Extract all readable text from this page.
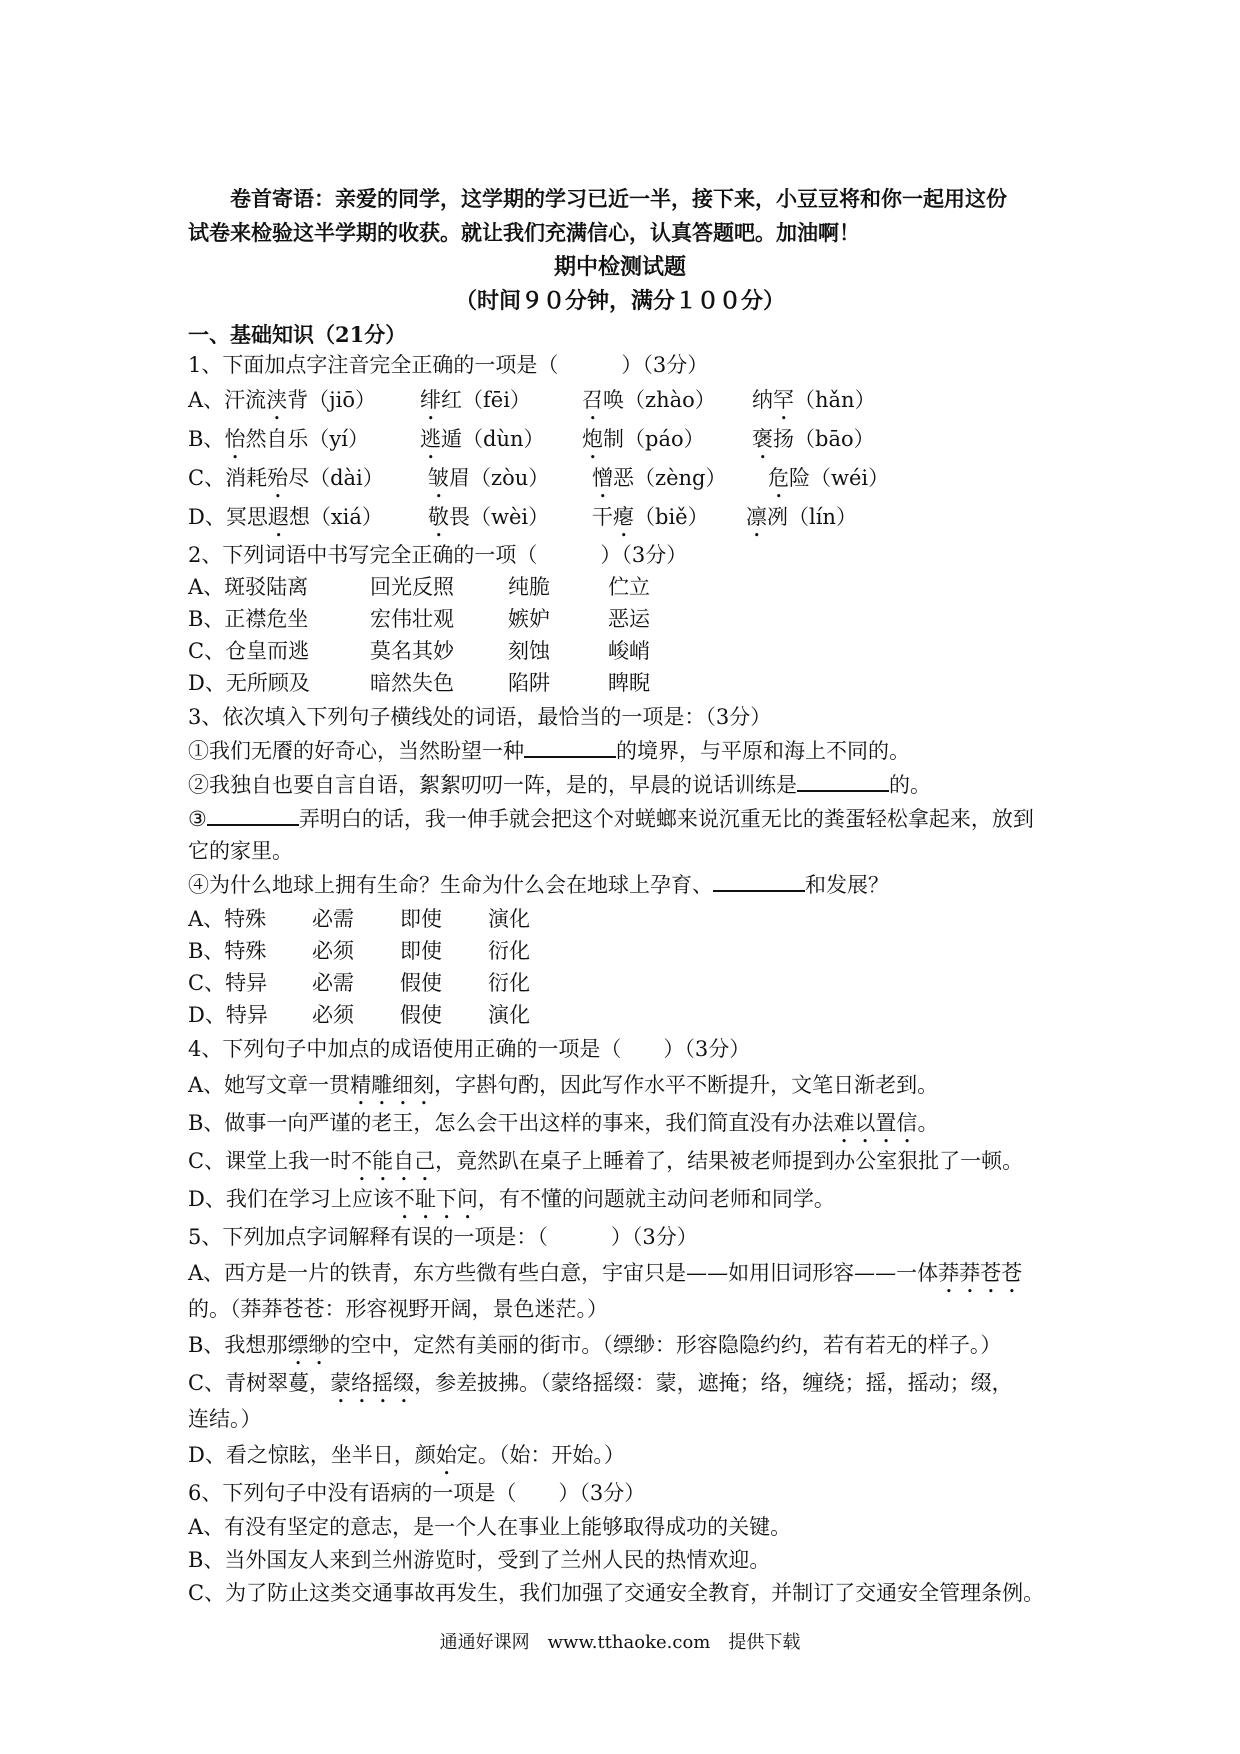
卷首寄语：亲爱的同学，这学期的学习已近一半，接下来，小豆豆将和你一起用这份
试卷来检验这半学期的收获。就让我们充满信心，认真答题吧。加油啊！
期中检测试题
（时间９０分钟，满分１００分）
一、基础知识（21分）
1、下面加点字注音完全正确的一项是（　　　）（3分）
A、汗流浃背（jiō） 绯红（fēi） 召唤（zhào） 纳罕（hǎn）
B、怡然自乐（yí） 逃遁（dùn） 炮制（páo） 褒扬（bāo）
C、消耗殆尽（dài） 皱眉（zòu） 憎恶（zèng） 危险（wéi）
D、冥思遐想（xiá） 敬畏（wèi） 干瘪（biě） 凛冽（lín）
2、下列词语中书写完全正确的一项（　　　）（3分）
A、斑驳陆离	回光反照	纯脆	伫立
B、正襟危坐	宏伟壮观	嫉妒	恶运
C、仓皇而逃	莫名其妙	刻蚀	峻峭
D、无所顾及	暗然失色	陷阱	睥睨
3、依次填入下列句子横线处的词语，最恰当的一项是：（3分）
①我们无餍的好奇心，当然盼望一种	的境界，与平原和海上不同的。
②我独自也要自言自语，絮絮叨叨一阵，是的，早晨的说话训练是	的。
③	弄明白的话，我一伸手就会把这个对蜣螂来说沉重无比的粪蛋轻松拿起来，放到
它的家里。
④为什么地球上拥有生命？生命为什么会在地球上孕育、	和发展？
A、特殊 必需 即使 演化
B、特殊 必须 即使 衍化
C、特异 必需 假使 衍化
D、特异 必须 假使 演化
4、下列句子中加点的成语使用正确的一项是（　　）（3分）
A、她写文章一贯精雕细刻，字斟句酌，因此写作水平不断提升，文笔日渐老到。
B、做事一向严谨的老王，怎么会干出这样的事来，我们简直没有办法难以置信。
C、课堂上我一时不能自己，竟然趴在桌子上睡着了，结果被老师提到办公室狠批了一顿。
D、我们在学习上应该不耻下问，有不懂的问题就主动问老师和同学。
5、下列加点字词解释有误的一项是：（　　　）（3分）
A、西方是一片的铁青，东方些微有些白意，宇宙只是——如用旧词形容——一体莽莽苍苍
的。（莽莽苍苍：形容视野开阔，景色迷茫。）
B、我想那缥缈的空中，定然有美丽的街市。（缥缈：形容隐隐约约，若有若无的样子。）
C、青树翠蔓，蒙络摇缀，参差披拂。（蒙络摇缀：蒙，遮掩；络，缠绕；摇，摇动；缀，
连结。）
D、看之惊眩，坐半日，颜始定。（始：开始。）
6、下列句子中没有语病的一项是（　　）（3分）
A、有没有坚定的意志，是一个人在事业上能够取得成功的关键。
B、当外国友人来到兰州游览时，受到了兰州人民的热情欢迎。
C、为了防止这类交通事故再发生，我们加强了交通安全教育，并制订了交通安全管理条例。
通通好课网　www.tthaoke.com　提供下载
